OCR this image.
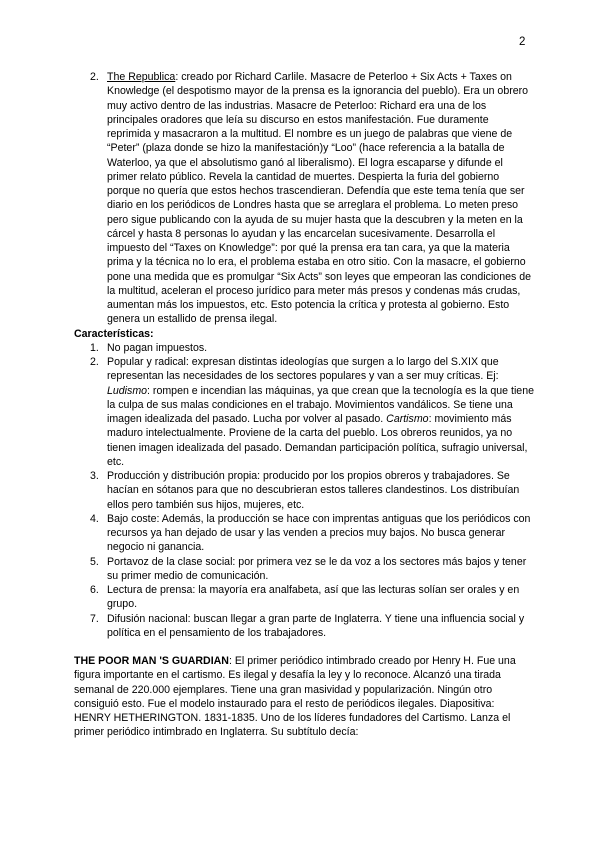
2

2. The Republica: creado por Richard Carlile. Masacre de Peterloo + Six Acts + Taxes on Knowledge (el despotismo mayor de la prensa es la ignorancia del pueblo). Era un obrero muy activo dentro de las industrias. Masacre de Peterloo: Richard era una de los principales oradores que leía su discurso en estos manifestación. Fue duramente reprimida y masacraron a la multitud. El nombre es un juego de palabras que viene de “Peter” (plaza donde se hizo la manifestación)y “Loo” (hace referencia a la batalla de Waterloo, ya que el absolutismo ganó al liberalismo). El logra escaparse y difunde el primer relato público. Revela la cantidad de muertes. Despierta la furia del gobierno porque no quería que estos hechos trascendieran. Defendía que este tema tenía que ser diario en los periódicos de Londres hasta que se arreglara el problema. Lo meten preso pero sigue publicando con la ayuda de su mujer hasta que la descubren y la meten en la cárcel y hasta 8 personas lo ayudan y las encarcelan sucesivamente. Desarrolla el impuesto del “Taxes on Knowledge”: por qué la prensa era tan cara, ya que la materia prima y la técnica no lo era, el problema estaba en otro sitio. Con la masacre, el gobierno pone una medida que es promulgar “Six Acts” son leyes que empeoran las condiciones de la multitud, aceleran el proceso jurídico para meter más presos y condenas más crudas, aumentan más los impuestos, etc. Esto potencia la crítica y protesta al gobierno. Esto genera un estallido de prensa ilegal.

Características:

1. No pagan impuestos.

2. Popular y radical: expresan distintas ideologías que surgen a lo largo del S.XIX que representan las necesidades de los sectores populares y van a ser muy críticas. Ej: Ludismo: rompen e incendian las máquinas, ya que crean que la tecnología es la que tiene la culpa de sus malas condiciones en el trabajo. Movimientos vandálicos. Se tiene una imagen idealizada del pasado. Lucha por volver al pasado. Cartismo: movimiento más maduro intelectualmente. Proviene de la carta del pueblo. Los obreros reunidos, ya no tienen imagen idealizada del pasado. Demandan participación política, sufragio universal, etc.

3. Producción y distribución propia: producido por los propios obreros y trabajadores. Se hacían en sótanos para que no descubrieran estos talleres clandestinos. Los distribuían ellos pero también sus hijos, mujeres, etc.

4. Bajo coste: Además, la producción se hace con imprentas antiguas que los periódicos con recursos ya han dejado de usar y las venden a precios muy bajos. No busca generar negocio ni ganancia.

5. Portavoz de la clase social: por primera vez se le da voz a los sectores más bajos y tener su primer medio de comunicación.

6. Lectura de prensa: la mayoría era analfabeta, así que las lecturas solían ser orales y en grupo.

7. Difusión nacional: buscan llegar a gran parte de Inglaterra. Y tiene una influencia social y política en el pensamiento de los trabajadores.

THE POOR MAN 'S GUARDIAN: El primer periódico intimbrado creado por Henry H. Fue una figura importante en el cartismo. Es ilegal y desafía la ley y lo reconoce. Alcanzó una tirada semanal de 220.000 ejemplares. Tiene una gran masividad y popularización. Ningún otro consiguió esto. Fue el modelo instaurado para el resto de periódicos ilegales. Diapositiva: HENRY HETHERINGTON. 1831-1835. Uno de los líderes fundadores del Cartismo. Lanza el primer periódico intimbrado en Inglaterra. Su subtítulo decía:
